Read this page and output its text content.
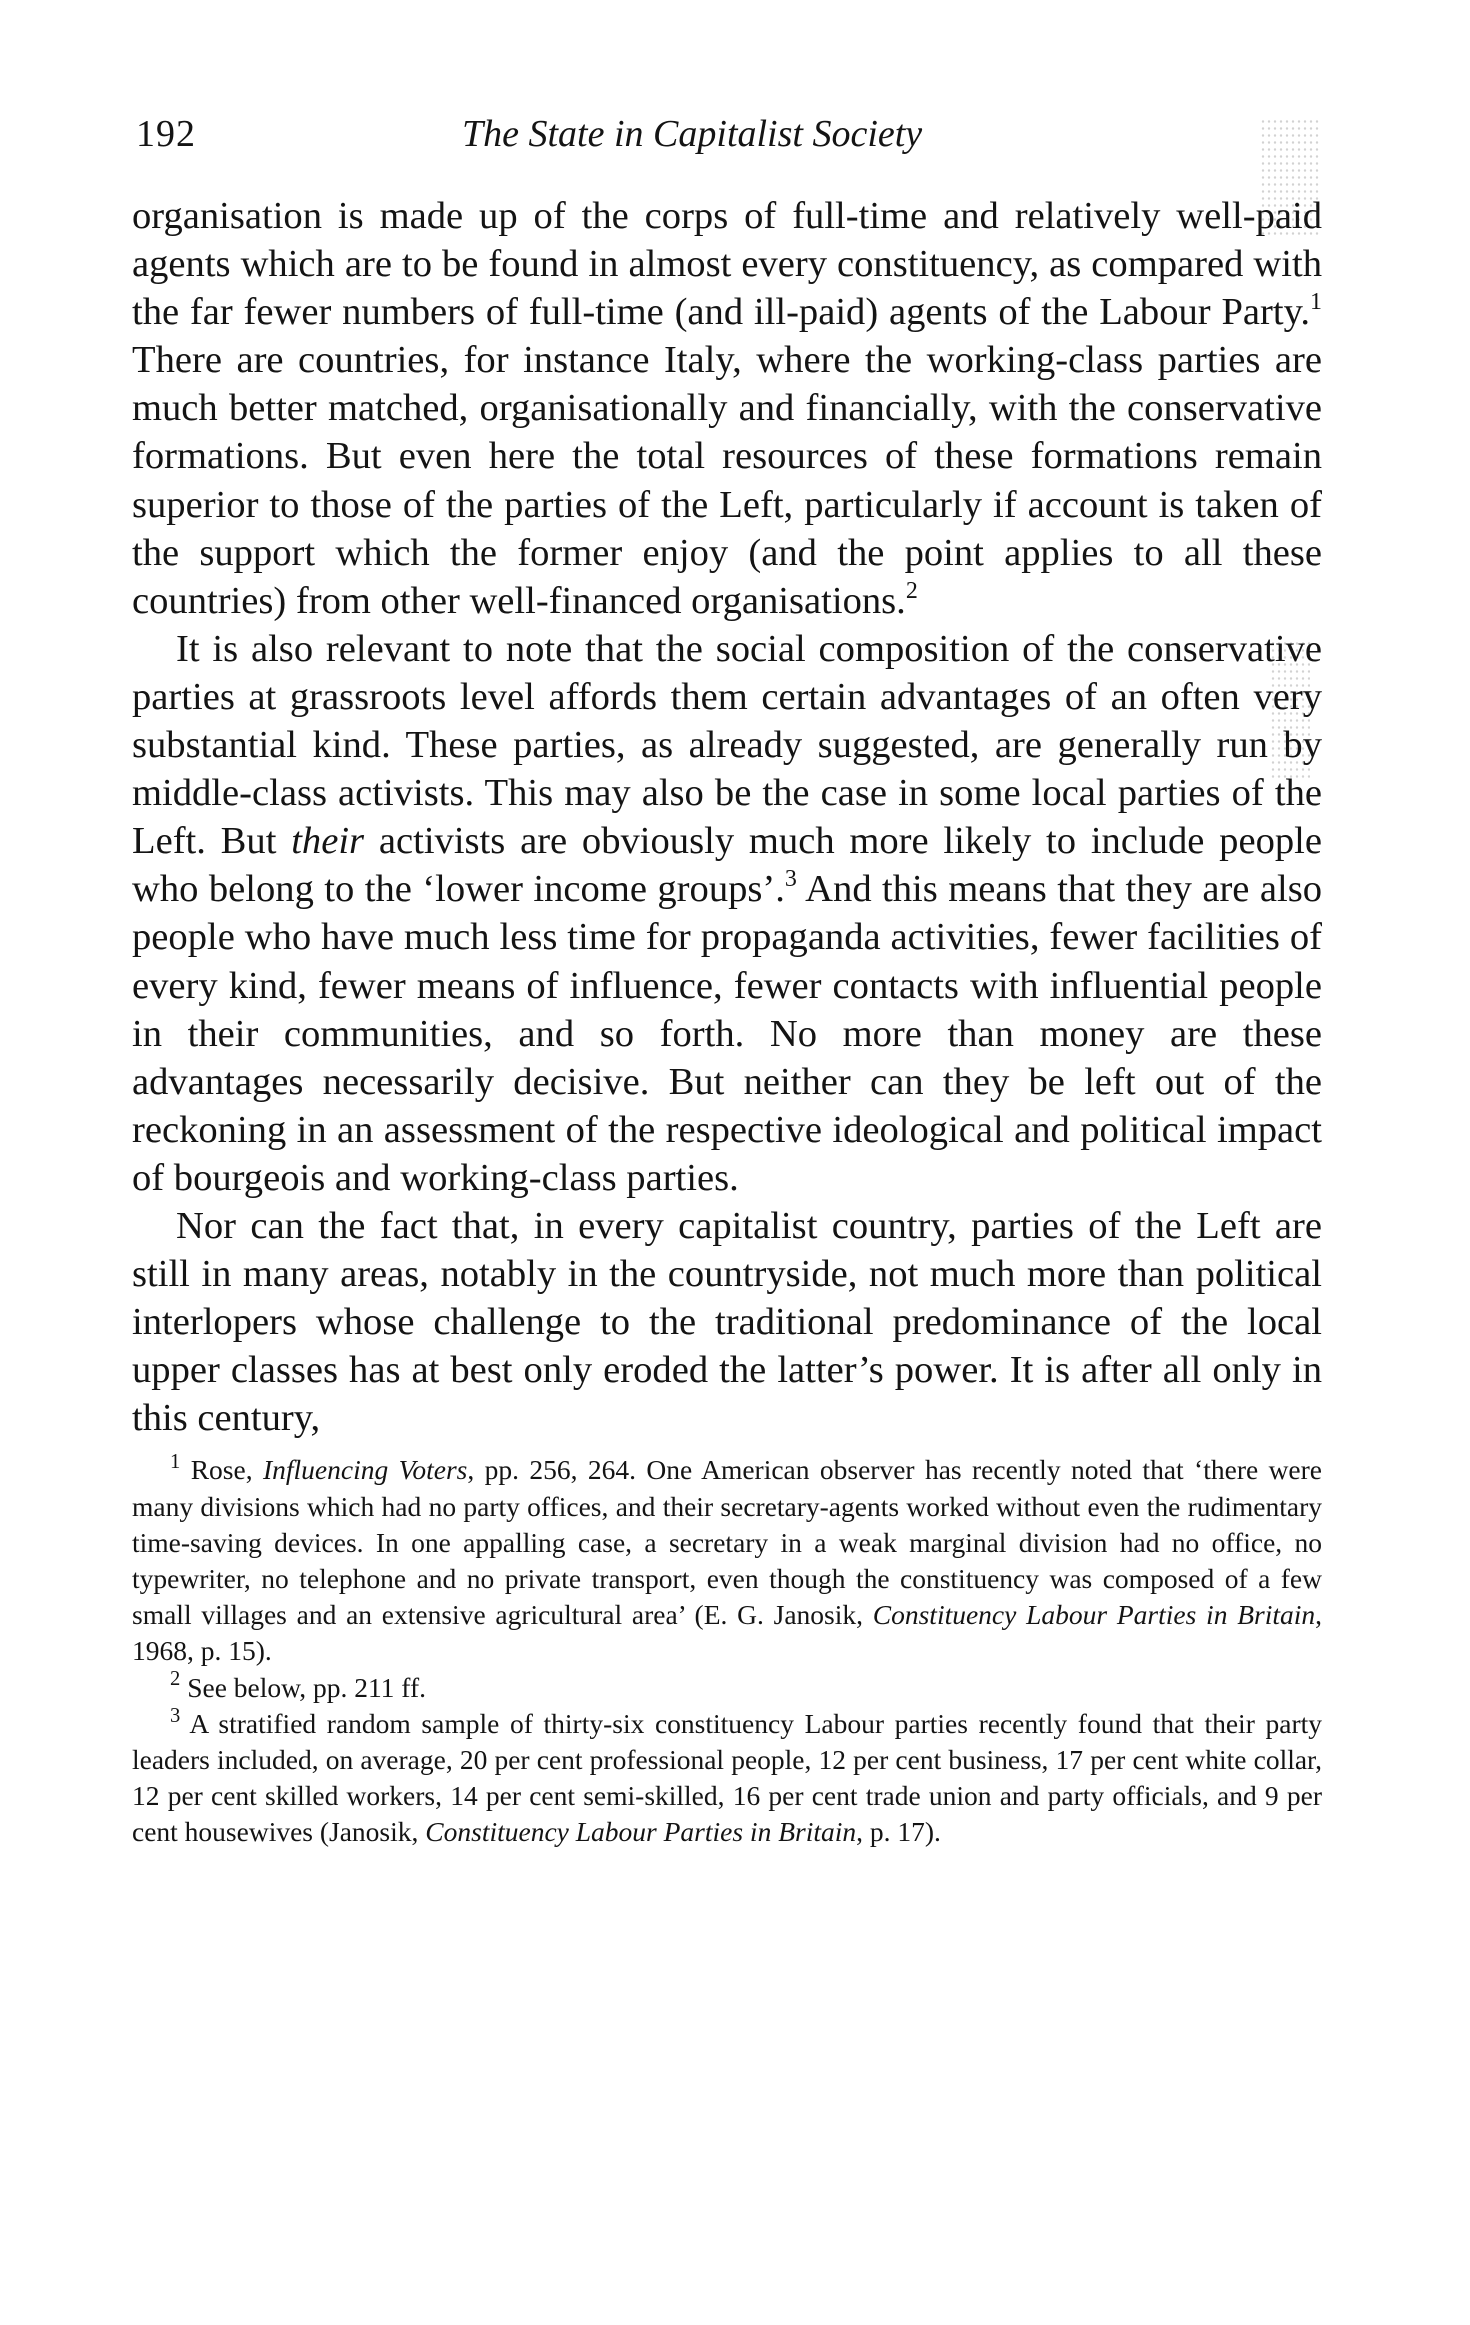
192	The State in Capitalist Society

organisation is made up of the corps of full-time and relatively well-paid agents which are to be found in almost every constituency, as compared with the far fewer numbers of full-time (and ill-paid) agents of the Labour Party.$^1$ There are countries, for instance Italy, where the working-class parties are much better matched, organisationally and financially, with the conservative formations. But even here the total resources of these formations remain superior to those of the parties of the Left, particularly if account is taken of the support which the former enjoy (and the point applies to all these countries) from other well-financed organisations.$^2$

It is also relevant to note that the social composition of the conservative parties at grassroots level affords them certain advantages of an often very substantial kind. These parties, as already suggested, are generally run by middle-class activists. This may also be the case in some local parties of the Left. But their activists are obviously much more likely to include people who belong to the ‘lower income groups’.$^3$ And this means that they are also people who have much less time for propaganda activities, fewer facilities of every kind, fewer means of influence, fewer contacts with influential people in their communities, and so forth. No more than money are these advantages necessarily decisive. But neither can they be left out of the reckoning in an assessment of the respective ideological and political impact of bourgeois and working-class parties.

Nor can the fact that, in every capitalist country, parties of the Left are still in many areas, notably in the countryside, not much more than political interlopers whose challenge to the traditional predominance of the local upper classes has at best only eroded the latter’s power. It is after all only in this century,

$^1$ Rose, Influencing Voters, pp. 256, 264. One American observer has recently noted that ‘there were many divisions which had no party offices, and their secretary-agents worked without even the rudimentary time-saving devices. In one appalling case, a secretary in a weak marginal division had no office, no typewriter, no telephone and no private transport, even though the constituency was composed of a few small villages and an extensive agricultural area’ (E. G. Janosik, Constituency Labour Parties in Britain, 1968, p. 15).

$^2$ See below, pp. 211 ff.

$^3$ A stratified random sample of thirty-six constituency Labour parties recently found that their party leaders included, on average, 20 per cent professional people, 12 per cent business, 17 per cent white collar, 12 per cent skilled workers, 14 per cent semi-skilled, 16 per cent trade union and party officials, and 9 per cent housewives (Janosik, Constituency Labour Parties in Britain, p. 17).
